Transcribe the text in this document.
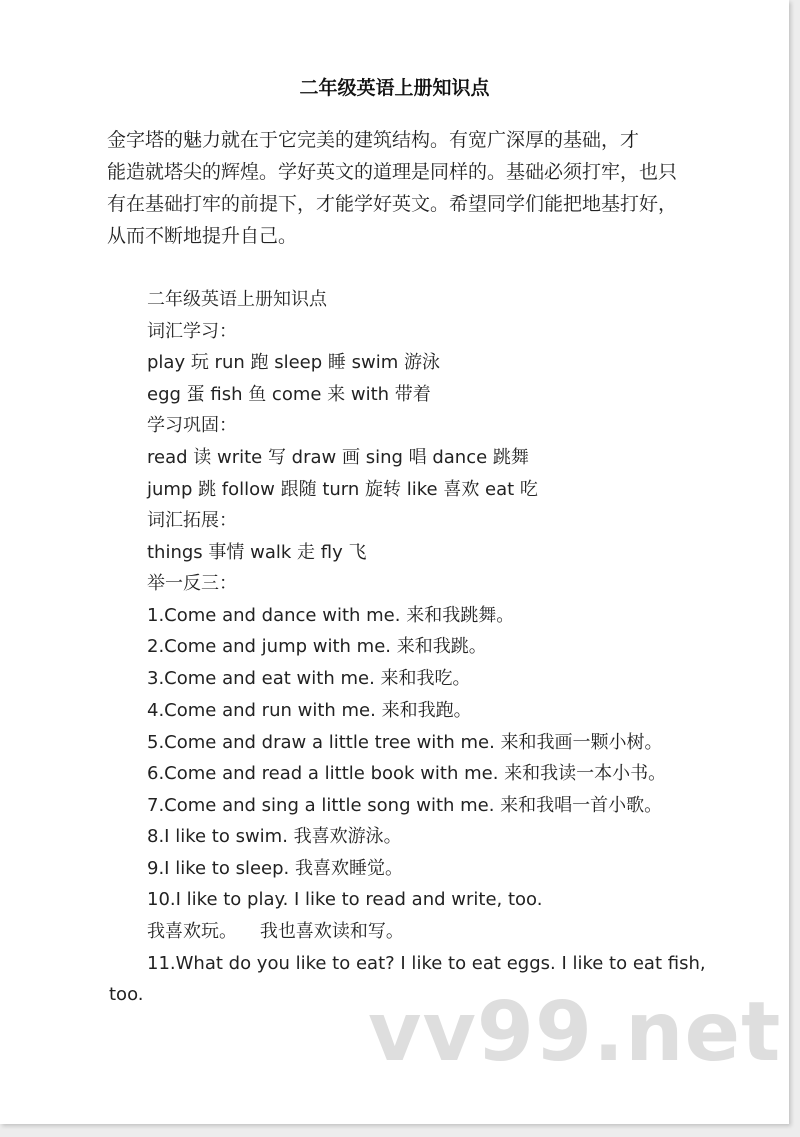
二年级英语上册知识点
金字塔的魅力就在于它完美的建筑结构。有宽广深厚的基础，才
能造就塔尖的辉煌。学好英文的道理是同样的。基础必须打牢，也只
有在基础打牢的前提下，才能学好英文。希望同学们能把地基打好，
从而不断地提升自己。
二年级英语上册知识点
词汇学习：
play 玩 run 跑 sleep 睡 swim 游泳
egg 蛋 fish 鱼 come 来 with 带着
学习巩固：
read 读 write 写 draw 画 sing 唱 dance 跳舞
jump 跳 follow 跟随 turn 旋转 like 喜欢 eat 吃
词汇拓展：
things 事情 walk 走 fly 飞
举一反三：
1.Come and dance with me. 来和我跳舞。
2.Come and jump with me. 来和我跳。
3.Come and eat with me. 来和我吃。
4.Come and run with me. 来和我跑。
5.Come and draw a little tree with me. 来和我画一颗小树。
6.Come and read a little book with me. 来和我读一本小书。
7.Come and sing a little song with me. 来和我唱一首小歌。
8.I like to swim. 我喜欢游泳。
9.I like to sleep. 我喜欢睡觉。
10.I like to play. I like to read and write, too.
我喜欢玩。    我也喜欢读和写。
11.What do you like to eat? I like to eat eggs. I like to eat fish,
too.	vv99.net
